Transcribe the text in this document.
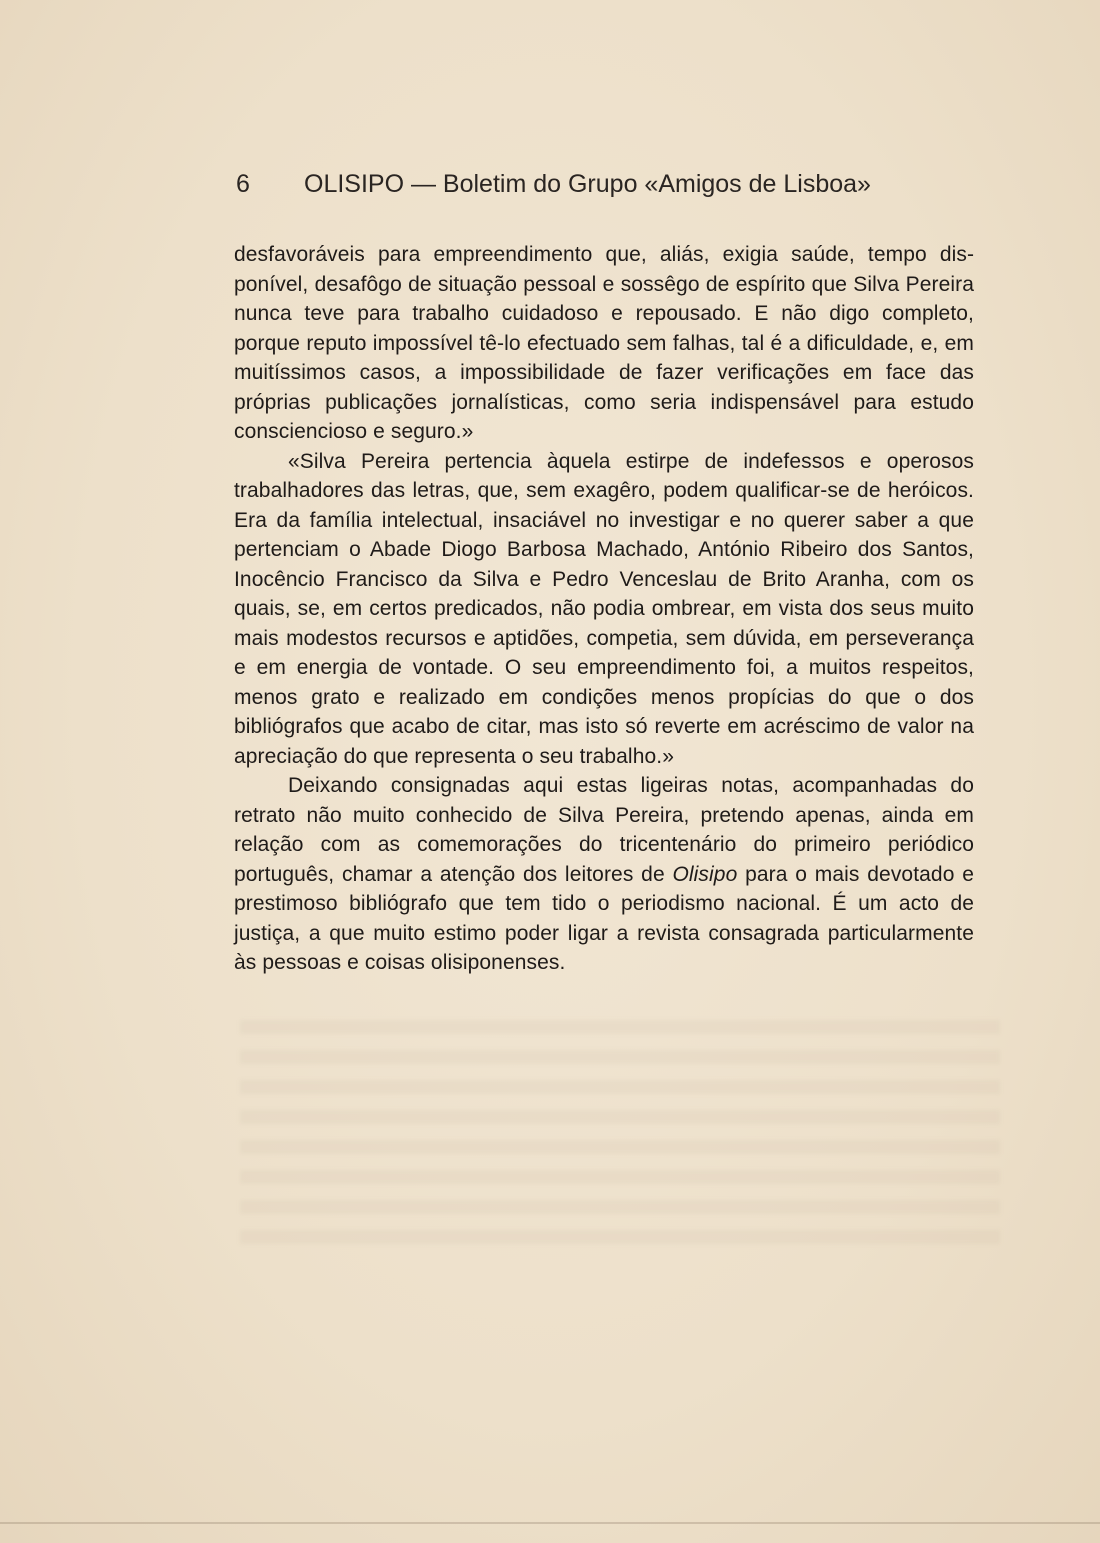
6 OLISIPO — Boletim do Grupo «Amigos de Lisboa»

desfavoráveis para empreendimento que, aliás, exigia saúde, tempo disponível, desafôgo de situação pessoal e sossêgo de espírito que Silva Pereira nunca teve para trabalho cuidadoso e repousado. E não digo completo, porque reputo impossível tê-lo efectuado sem falhas, tal é a dificuldade, e, em muitíssimos casos, a impossibilidade de fazer verificações em face das próprias publicações jornalísticas, como seria indispensável para estudo consciencioso e seguro.»

«Silva Pereira pertencia àquela estirpe de indefessos e operosos trabalhadores das letras, que, sem exagêro, podem qualificar-se de heróicos. Era da família intelectual, insaciável no investigar e no querer saber a que pertenciam o Abade Diogo Barbosa Machado, António Ribeiro dos Santos, Inocêncio Francisco da Silva e Pedro Venceslau de Brito Aranha, com os quais, se, em certos predicados, não podia ombrear, em vista dos seus muito mais modestos recursos e aptidões, competia, sem dúvida, em perseverança e em energia de vontade. O seu empreendimento foi, a muitos respeitos, menos grato e realizado em condições menos propícias do que o dos bibliógrafos que acabo de citar, mas isto só reverte em acréscimo de valor na apreciação do que representa o seu trabalho.»

Deixando consignadas aqui estas ligeiras notas, acompanhadas do retrato não muito conhecido de Silva Pereira, pretendo apenas, ainda em relação com as comemorações do tricentenário do primeiro periódico português, chamar a atenção dos leitores de Olisipo para o mais devotado e prestimoso bibliógrafo que tem tido o periodismo nacional. É um acto de justiça, a que muito estimo poder ligar a revista consagrada particularmente às pessoas e coisas olisiponenses.
